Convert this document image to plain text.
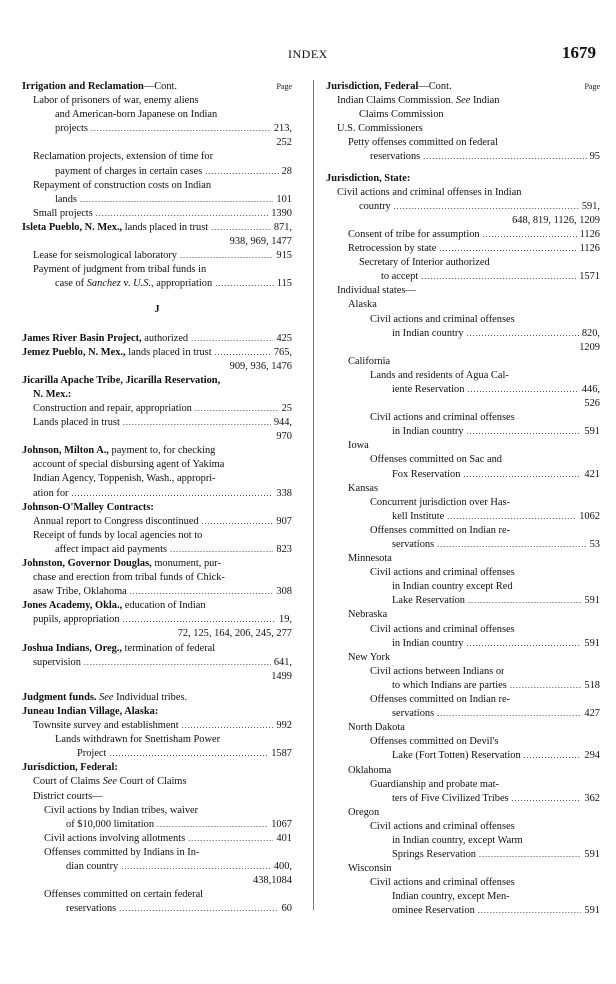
INDEX	1679
Page
Irrigation and Reclamation—Cont.
Labor of prisoners of war, enemy aliens
and American-born Japanese on Indian
projects .....	213,
252
Reclamation projects, extension of time for
payment of charges in certain cases .....	28
Repayment of construction costs on Indian
lands .....	101
Small projects .....	1390
Isleta Pueblo, N. Mex., lands placed in trust .....	871,
938, 969, 1477
Lease for seismological laboratory .....	915
Payment of judgment from tribal funds in
case of Sanchez v. U.S., appropriation .....	115
J
James River Basin Project, authorized .....	425
Jemez Pueblo, N. Mex., lands placed in trust .....	765,
909, 936, 1476
Jicarilla Apache Tribe, Jicarilla Reservation,
N. Mex.:
Construction and repair, appropriation .....	25
Lands placed in trust .....	944,
970
Johnson, Milton A., payment to, for checking
account of special disbursing agent of Yakima
Indian Agency, Toppenish, Wash., appropri-
ation for .....	338
Johnson-O'Malley Contracts:
Annual report to Congress discontinued .....	907
Receipt of funds by local agencies not to
affect impact aid payments .....	823
Johnston, Governor Douglas, monument, pur-
chase and erection from tribal funds of Chick-
asaw Tribe, Oklahoma .....	308
Jones Academy, Okla., education of Indian
pupils, appropriation .....	19,
72, 125, 164, 206, 245, 277
Joshua Indians, Oreg., termination of federal
supervision .....	641,
1499
Judgment funds. See Individual tribes.
Juneau Indian Village, Alaska:
Townsite survey and establishment .....	992
Lands withdrawn for Snettisham Power
Project .....	1587
Jurisdiction, Federal:
Court of Claims See Court of Claims
District courts—
Civil actions by Indian tribes, waiver
of $10,000 limitation .....	1067
Civil actions involving allotments .....	401
Offenses committed by Indians in In-
dian country .....	400,
438,1084
Offenses committed on certain federal
reservations .....	60
Page
Jurisdiction, Federal—Cont.
Indian Claims Commission. See Indian
Claims Commission
U.S. Commissioners
Petty offenses committed on federal
reservations .....	95
Jurisdiction, State:
Civil actions and criminal offenses in Indian
country .....	591,
648, 819, 1126, 1209
Consent of tribe for assumption .....	1126
Retrocession by state .....	1126
Secretary of Interior authorized
to accept .....	1571
Individual states—
Alaska
Civil actions and criminal offenses
in Indian country .....	820,
1209
California
Lands and residents of Agua Cal-
iente Reservation .....	446,
526
Civil actions and criminal offenses
in Indian country .....	591
Iowa
Offenses committed on Sac and
Fox Reservation .....	421
Kansas
Concurrent jurisdiction over Has-
kell Institute .....	1062
Offenses committed on Indian re-
servations .....	53
Minnesota
Civil actions and criminal offenses
in Indian country except Red
Lake Reservation .....	591
Nebraska
Civil actions and criminal offenses
in Indian country .....	591
New York
Civil actions between Indians or
to which Indians are parties .....	518
Offenses committed on Indian re-
servations .....	427
North Dakota
Offenses committed on Devil's
Lake (Fort Totten) Reservation .....	294
Oklahoma
Guardianship and probate mat-
ters of Five Civilized Tribes .....	362
Oregon
Civil actions and criminal offenses
in Indian country, except Warm
Springs Reservation .....	591
Wisconsin
Civil actions and criminal offenses
Indian country, except Men-
ominee Reservation .....	591
